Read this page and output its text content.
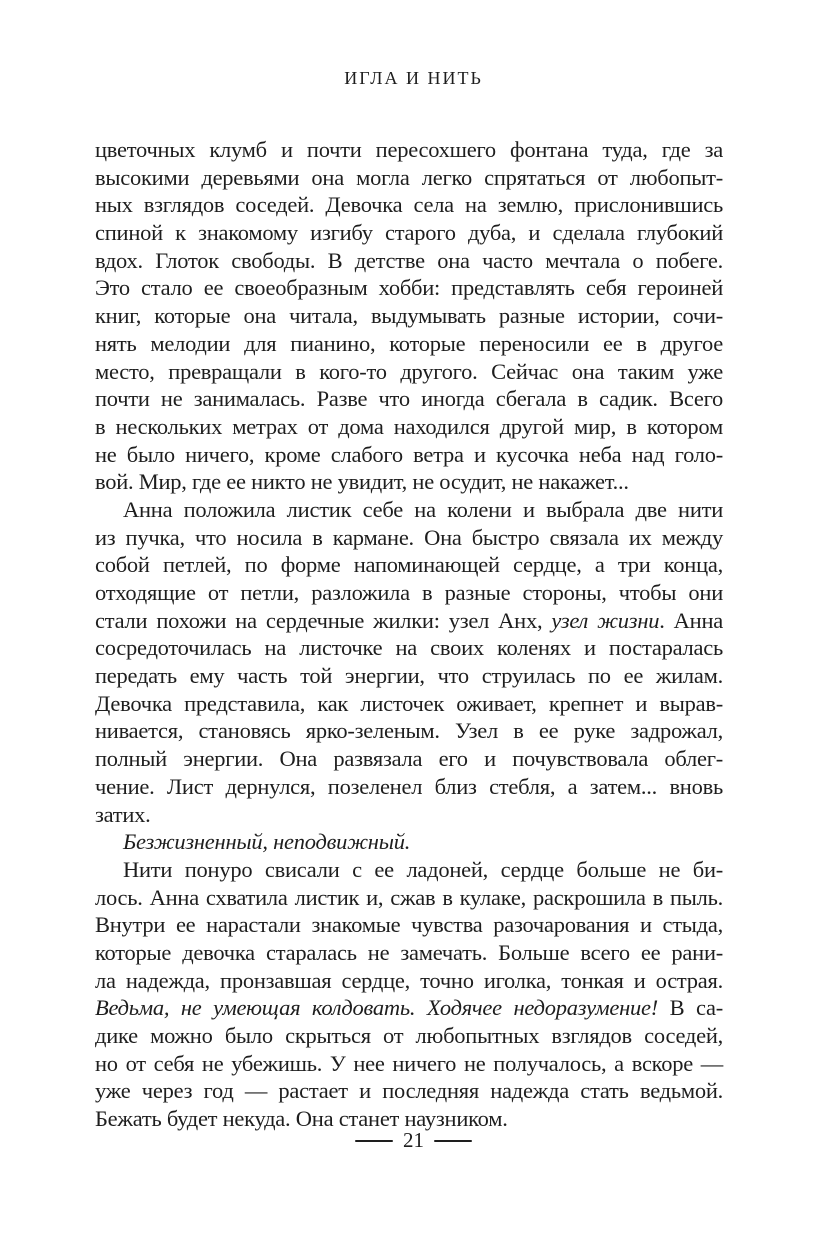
ИГЛА И НИТЬ
цветочных клумб и почти пересохшего фонтана туда, где за
высокими деревьями она могла легко спрятаться от любопыт-
ных взглядов соседей. Девочка села на землю, прислонившись
спиной к знакомому изгибу старого дуба, и сделала глубокий
вдох. Глоток свободы. В детстве она часто мечтала о побеге.
Это стало ее своеобразным хобби: представлять себя героиней
книг, которые она читала, выдумывать разные истории, сочи-
нять мелодии для пианино, которые переносили ее в другое
место, превращали в кого-то другого. Сейчас она таким уже
почти не занималась. Разве что иногда сбегала в садик. Всего
в нескольких метрах от дома находился другой мир, в котором
не было ничего, кроме слабого ветра и кусочка неба над голо-
вой. Мир, где ее никто не увидит, не осудит, не накажет...
Анна положила листик себе на колени и выбрала две нити
из пучка, что носила в кармане. Она быстро связала их между
собой петлей, по форме напоминающей сердце, а три конца,
отходящие от петли, разложила в разные стороны, чтобы они
стали похожи на сердечные жилки: узел Анх, узел жизни. Анна
сосредоточилась на листочке на своих коленях и постаралась
передать ему часть той энергии, что струилась по ее жилам.
Девочка представила, как листочек оживает, крепнет и вырав-
нивается, становясь ярко-зеленым. Узел в ее руке задрожал,
полный энергии. Она развязала его и почувствовала облег-
чение. Лист дернулся, позеленел близ стебля, а затем... вновь
затих.
Безжизненный, неподвижный.
Нити понуро свисали с ее ладоней, сердце больше не би-
лось. Анна схватила листик и, сжав в кулаке, раскрошила в пыль.
Внутри ее нарастали знакомые чувства разочарования и стыда,
которые девочка старалась не замечать. Больше всего ее рани-
ла надежда, пронзавшая сердце, точно иголка, тонкая и острая.
Ведьма, не умеющая колдовать. Ходячее недоразумение! В са-
дике можно было скрыться от любопытных взглядов соседей,
но от себя не убежишь. У нее ничего не получалось, а вскоре —
уже через год — растает и последняя надежда стать ведьмой.
Бежать будет некуда. Она станет наузником.
21
